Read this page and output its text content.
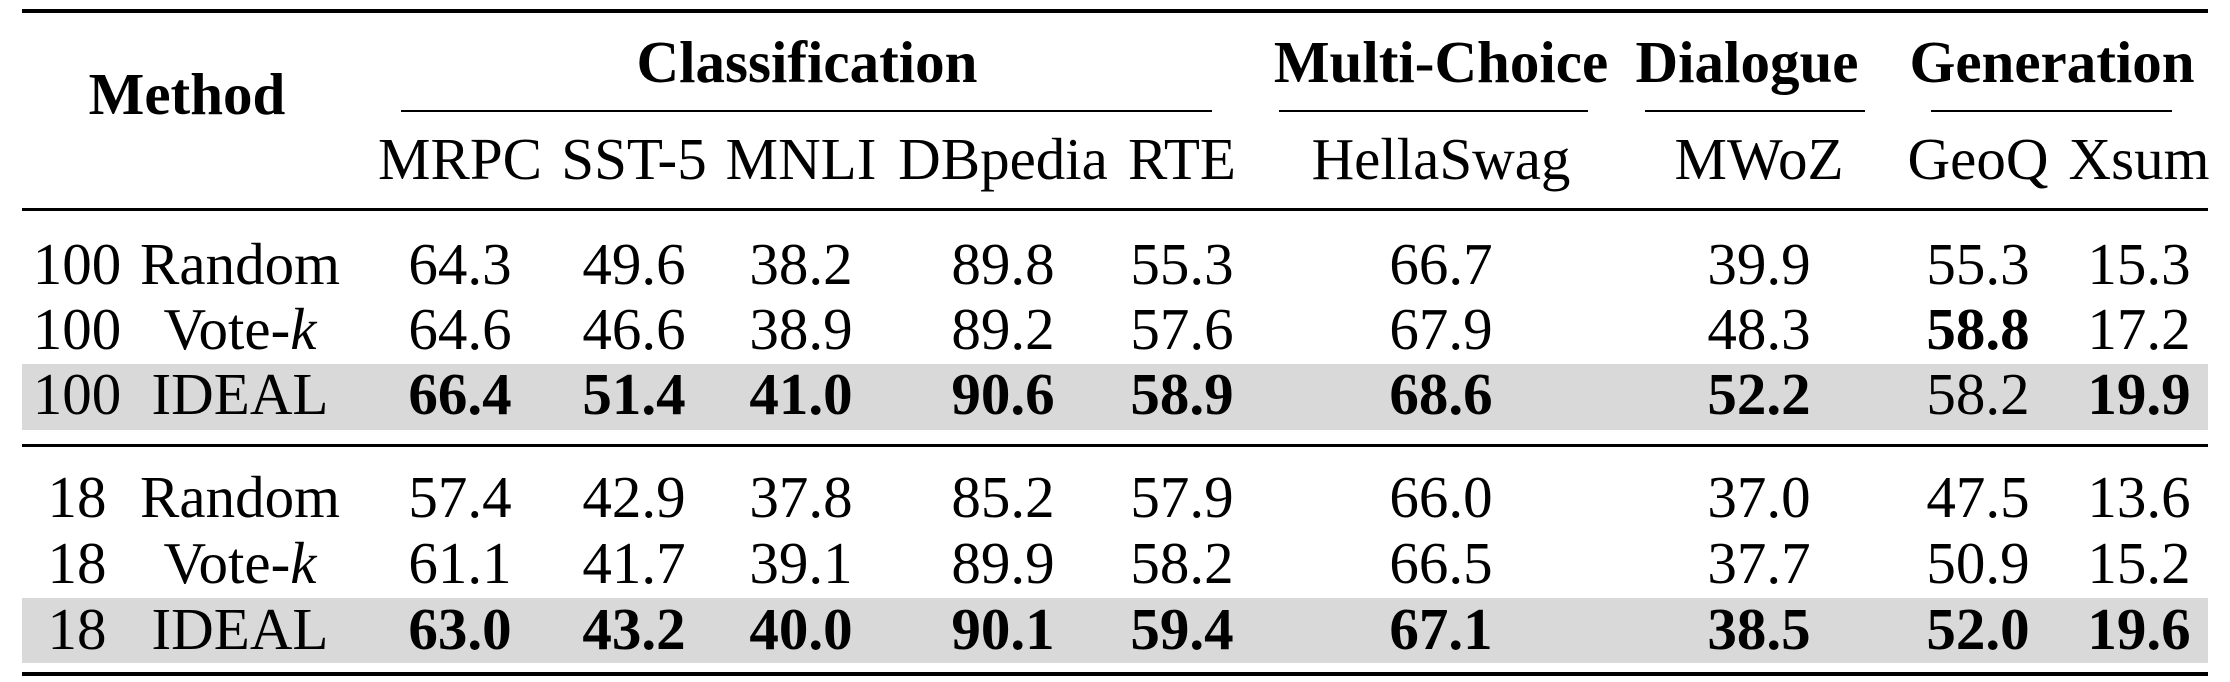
Method	Classification	Multi-Choice Dialogue Generation
MRPC SST-5 MNLI DBpedia RTE HellaSwag MWoZ GeoQ Xsum
100 Random 64.3 49.6 38.2 89.8 55.3	66.7	39.9 55.3 15.3
100 Vote-k 64.6 46.6 38.9 89.2 57.6	67.9	48.3 58.8 17.2
100 IDEAL 66.4 51.4 41.0 90.6 58.9	68.6	52.2 58.2 19.9
18 Random 57.4 42.9 37.8 85.2 57.9	66.0	37.0 47.5 13.6
18 Vote-k 61.1 41.7 39.1 89.9 58.2	66.5	37.7 50.9 15.2
18 IDEAL 63.0 43.2 40.0 90.1 59.4	67.1	38.5 52.0 19.6
